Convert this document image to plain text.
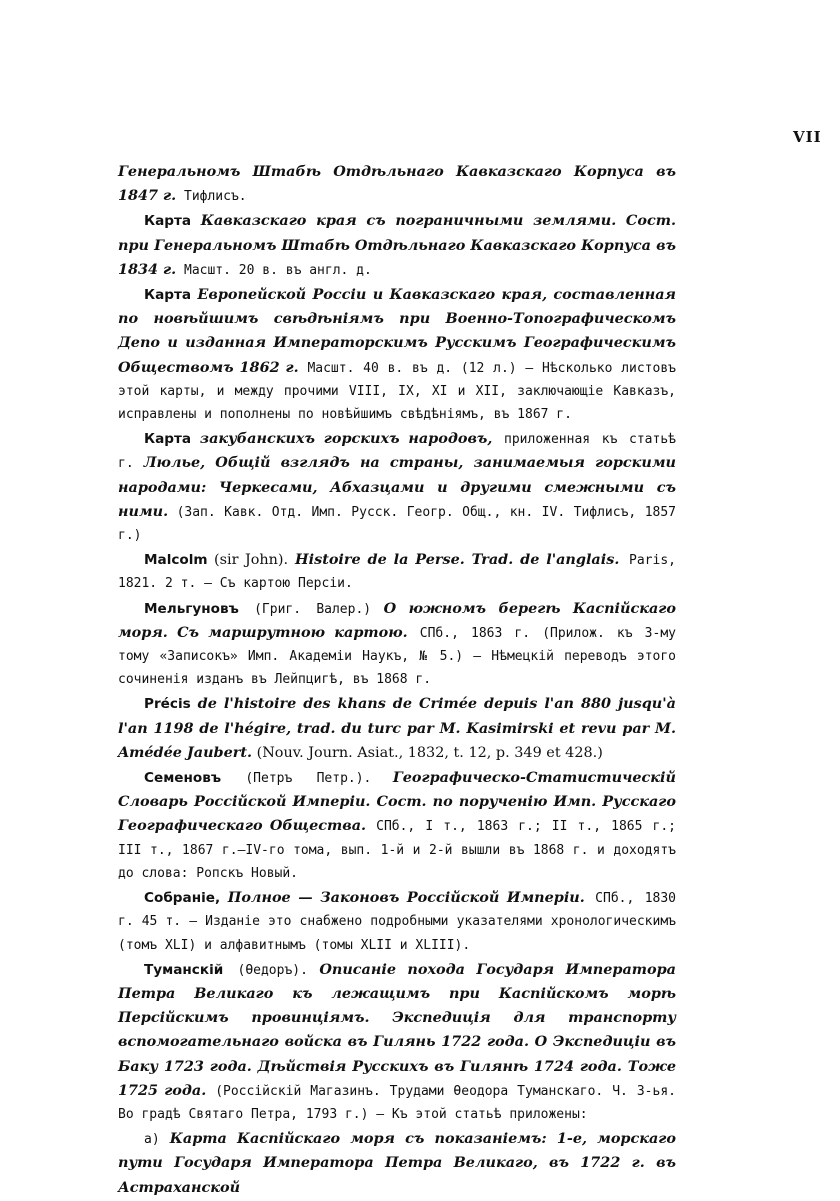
VII

Генеральномъ Штабѣ Отдѣльнаго Кавказскаго Корпуса въ 1847 г. Тифлисъ.

Карта Кавказскаго края съ пограничными землями. Сост. при Генеральномъ Штабѣ Отдѣльнаго Кавказскаго Корпуса въ 1834 г. Масшт. 20 в. въ англ. д.

Карта Европейской Россіи и Кавказскаго края, составленная по новѣйшимъ свѣдѣніямъ при Военно-Топографическомъ Депо и изданная Императорскимъ Русскимъ Географическимъ Обществомъ 1862 г. Масшт. 40 в. въ д. (12 л.) — Нѣсколько листовъ этой карты, и между прочими VIII, IX, XI и XII, заключающіе Кавказъ, исправлены и пополнены по новѣйшимъ свѣдѣніямъ, въ 1867 г.

Карта закубанскихъ горскихъ народовъ, приложенная къ статьѣ г. Люлье, Общій взглядъ на страны, занимаемыя горскими народами: Черкесами, Абхазцами и другими смежными съ ними. (Зап. Кавк. Отд. Имп. Русск. Геогр. Общ., кн. IV. Тифлисъ, 1857 г.)

Malcolm (sir John). Histoire de la Perse. Trad. de l'anglais. Paris, 1821. 2 т. — Съ картою Персіи.

Мельгуновъ (Григ. Валер.) О южномъ берегѣ Каспійскаго моря. Съ маршрутною картою. СПб., 1863 г. (Прилож. къ 3-му тому «Записокъ» Имп. Академіи Наукъ, № 5.) — Нѣмецкій переводъ этого сочиненія изданъ въ Лейпцигѣ, въ 1868 г.

Précis de l'histoire des khans de Crimée depuis l'an 880 jusqu'à l'an 1198 de l'hégire, trad. du turc par M. Kasimirski et revu par M. Amédée Jaubert. (Nouv. Journ. Asiat., 1832, t. 12, p. 349 et 428.)

Семеновъ (Петръ Петр.). Географическо-Статистическій Словарь Россійской Имперіи. Сост. по порученію Имп. Русскаго Географическаго Общества. СПб., I т., 1863 г.; II т., 1865 г.; III т., 1867 г.—IV-го тома, вып. 1-й и 2-й вышли въ 1868 г. и доходятъ до слова: Ропскъ Новый.

Собраніе, Полное — Законовъ Россійской Имперіи. СПб., 1830 г. 45 т. — Изданіе это снабжено подробными указателями хронологическимъ (томъ XLI) и алфавитнымъ (томы XLII и XLIII).

Туманскій (Ѳедоръ). Описаніе похода Государя Императора Петра Великаго къ лежащимъ при Каспійскомъ морѣ Персійскимъ провинціямъ. Экспедиція для транспорту вспомогательнаго войска въ Гилянь 1722 года. О Экспедиціи въ Баку 1723 года. Дѣйствія Русскихъ въ Гилянѣ 1724 года. Тоже 1725 года. (Россійскій Магазинъ. Трудами Ѳеодора Туманскаго. Ч. 3-ья. Во градѣ Святаго Петра, 1793 г.) — Къ этой статьѣ приложены:

а) Карта Каспійскаго моря съ показаніемъ: 1-е, морскаго пути Государя Императора Петра Великаго, въ 1722 г. въ Астраханской
